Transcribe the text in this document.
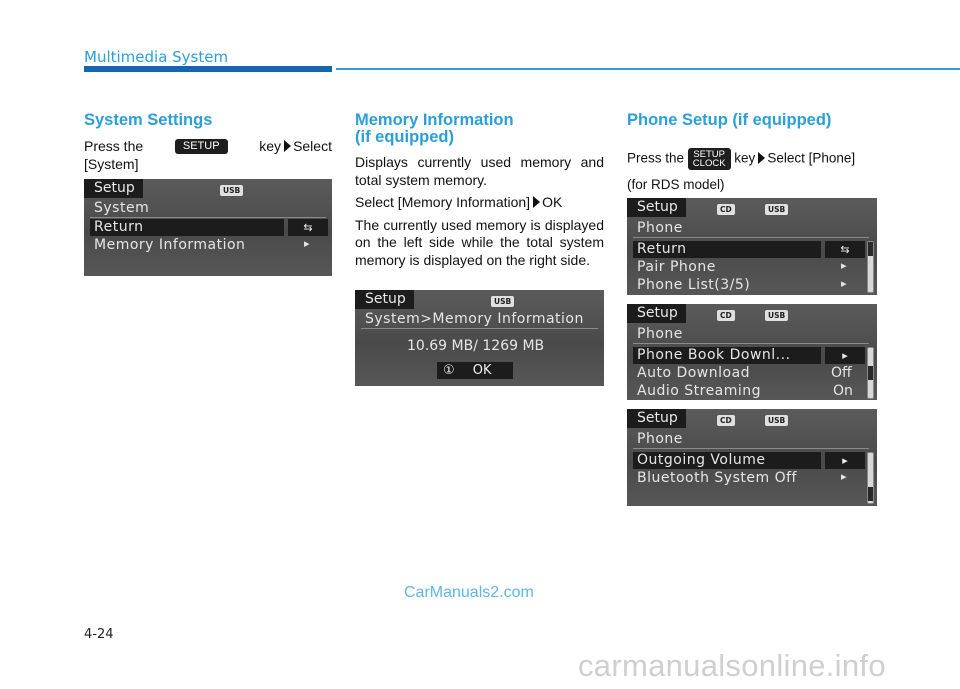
Multimedia System
System Settings
Press the	SETUP	key Select
[System]
Setup	USB
System
Return	⇆
Memory Information	▸
Memory Information
(if equipped)
Displays currently used memory and total system memory.
Select [Memory Information] OK
The currently used memory is displayed on the left side while the total system memory is displayed on the right side.
Setup	USB
System>Memory Information
10.69 MB/ 1269 MB
① OK
Phone Setup (if equipped)
Press the SETUP
CLOCK key Select [Phone]
(for RDS model)
Setup	CD	USB
Phone
Return	⇆
Pair Phone	▸
Phone List(3/5)	▸
Setup	CD	USB
Phone
Phone Book Downl...	▸
Auto Download	Off
Audio Streaming	On
Setup	CD	USB
Phone
Outgoing Volume	▸
Bluetooth System Off	▸
CarManuals2.com
4-24
carmanualsonline.info
